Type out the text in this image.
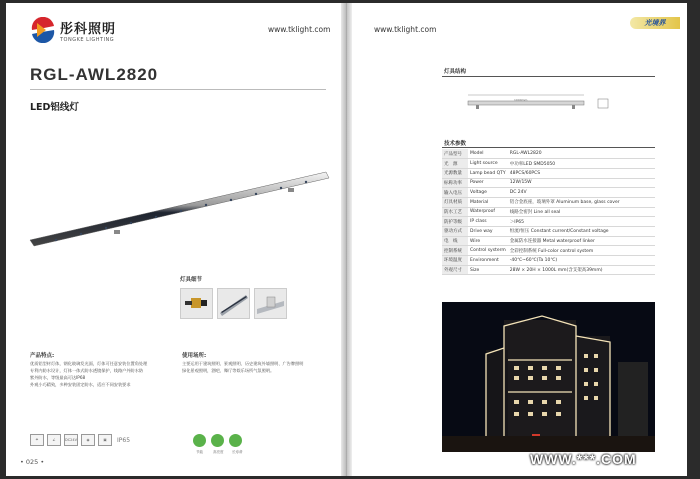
彤科照明
TONGKE LIGHTING
www.tklight.com
RGL-AWL2820
LED铝线灯
灯具细节
产品特点:
优质铝型材灯体，钢化玻璃发光面，灯体可任意安装位置角处理
专利内防水设计，灯体一体式防水透镜保护，线路户外防水防
紫外防水，等级最高可达IP68
外观小巧精致，多种安装固定防水，适应不同安装要求
使用场所:
主要运用于建筑照明、景观照明、历史建筑外墙照明、广告牌照明
绿化景观照明，酒吧、舞厅等娱乐场所气氛照明。
☂	∠	DC24V	◉	▣	IP65
节能	高亮度 长寿命
• 025 •
www.tklight.com
光境界
灯具结构
1000mm
技术参数
产品型号	Model	RGL-AWL2820
光　源	Light source	中功率LED SMD5050
光源数量	Lamp bead QTY	48PCS/60PCS
标称功率	Power	12W/15W
输入电压	Voltage	DC 24V
灯具材质	Material	铝合金底座，玻璃外罩 Aluminum base, glass cover
防水工艺	Waterproof	线路全密封 Line all seal
防护等级	IP class	＞IP65
驱动方式	Drive way	恒流/恒压 Constant current/Constant voltage
电　线	Wire	金属防水连接器 Metal waterproof linker
控制系统	Control systerm	全彩控制系统 Full-color control system
环境温度	Environment	-40℃~60℃(Ta 10℃)
外观尺寸	Size	28W × 20H × 1000L mm(含支架高39mm)
WWW.***.COM
